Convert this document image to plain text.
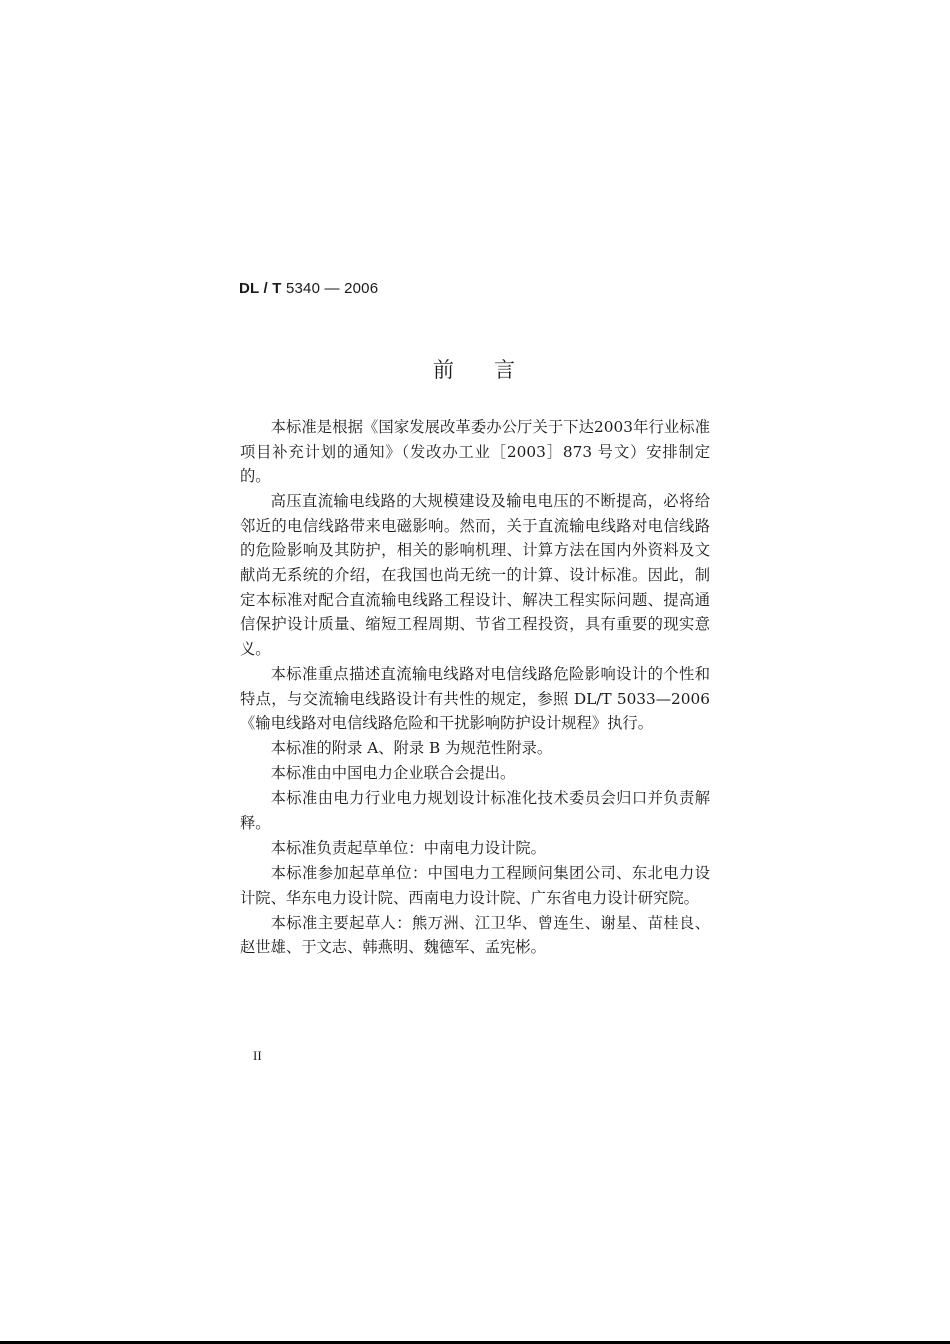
DL / T 5340 — 2006
前言

本标准是根据《国家发展改革委办公厅关于下达2003年行业标准项目补充计划的通知》（发改办工业［2003］873 号文）安排制定的。

高压直流输电线路的大规模建设及输电电压的不断提高，必将给邻近的电信线路带来电磁影响。然而，关于直流输电线路对电信线路的危险影响及其防护，相关的影响机理、计算方法在国内外资料及文献尚无系统的介绍，在我国也尚无统一的计算、设计标准。因此，制定本标准对配合直流输电线路工程设计、解决工程实际问题、提高通信保护设计质量、缩短工程周期、节省工程投资，具有重要的现实意义。

本标准重点描述直流输电线路对电信线路危险影响设计的个性和特点，与交流输电线路设计有共性的规定，参照 DL/T 5033—2006《输电线路对电信线路危险和干扰影响防护设计规程》执行。

本标准的附录 A、附录 B 为规范性附录。

本标准由中国电力企业联合会提出。

本标准由电力行业电力规划设计标准化技术委员会归口并负责解释。

本标准负责起草单位：中南电力设计院。

本标准参加起草单位：中国电力工程顾问集团公司、东北电力设计院、华东电力设计院、西南电力设计院、广东省电力设计研究院。

本标准主要起草人：熊万洲、江卫华、曾连生、谢星、苗桂良、赵世雄、于文志、韩燕明、魏德军、孟宪彬。

II
